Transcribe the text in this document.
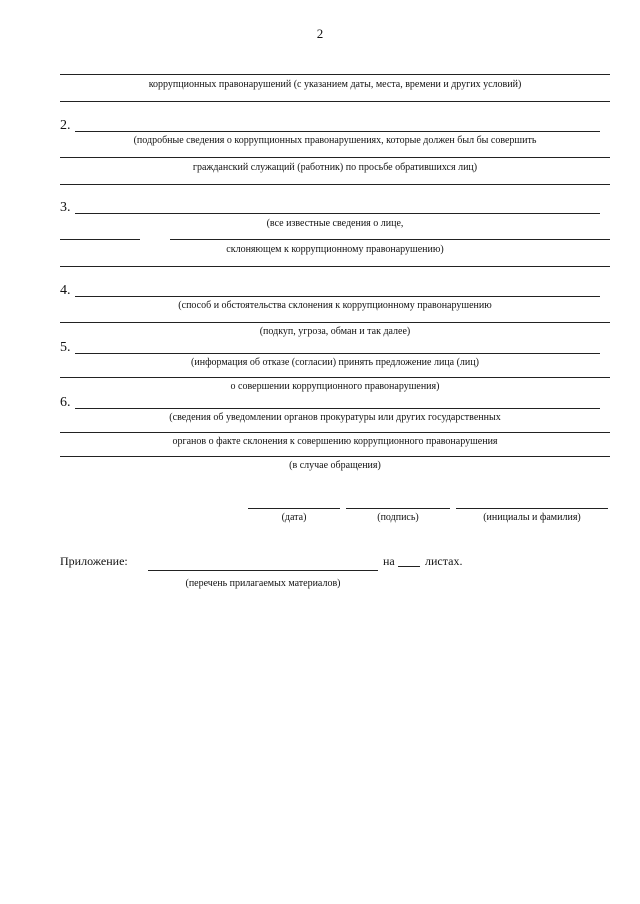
2
коррупционных правонарушений (с указанием даты, места, времени и других условий)
2.
(подробные сведения о коррупционных правонарушениях, которые должен был бы совершить
гражданский служащий (работник) по просьбе обратившихся лиц)
3.
(все известные сведения о лице,
склоняющем к коррупционному правонарушению)
4.
(способ и обстоятельства склонения к коррупционному правонарушению
(подкуп, угроза, обман и так далее)
5.
(информация об отказе (согласии) принять предложение лица (лиц)
о совершении коррупционного правонарушения)
6.
(сведения об уведомлении органов прокуратуры или других государственных
органов о факте склонения к совершению коррупционного правонарушения
(в случае обращения)
(дата)	(подпись)	(инициалы и фамилия)
Приложение:	на	листах.
(перечень прилагаемых материалов)
